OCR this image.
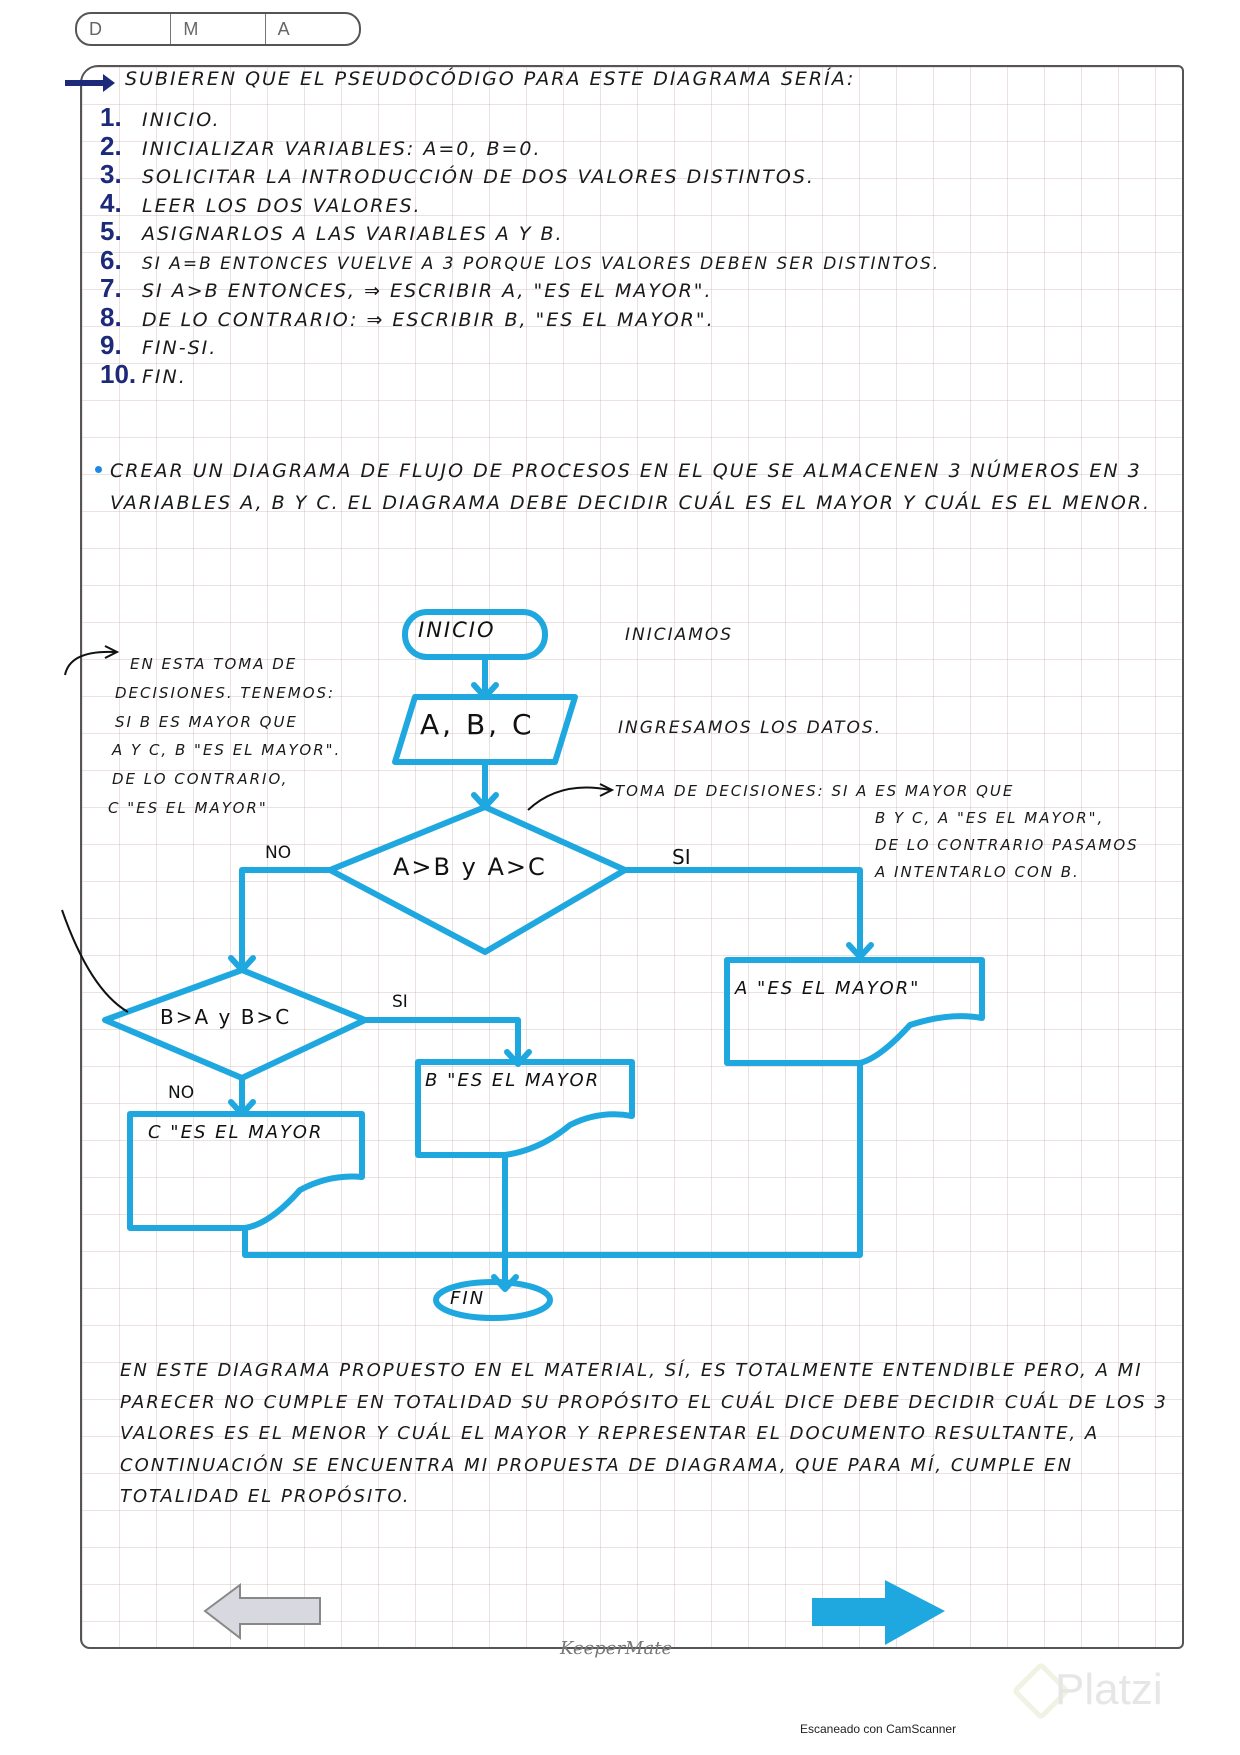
D	M	A
SUBIEREN QUE EL PSEUDOCÓDIGO PARA ESTE DIAGRAMA SERÍA:
1.	INICIO.
2.	INICIALIZAR VARIABLES: A=0, B=0.
3.	SOLICITAR LA INTRODUCCIÓN DE DOS VALORES DISTINTOS.
4.	LEER LOS DOS VALORES.
5.	ASIGNARLOS A LAS VARIABLES A Y B.
6.	SI A=B ENTONCES VUELVE A 3 PORQUE LOS VALORES DEBEN SER DISTINTOS.
7.	SI A>B ENTONCES, ⇒ ESCRIBIR A, "ES EL MAYOR".
8.	DE LO CONTRARIO: ⇒ ESCRIBIR B, "ES EL MAYOR".
9.	FIN-SI.
10. FIN.
CREAR UN DIAGRAMA DE FLUJO DE PROCESOS EN EL QUE SE ALMACENEN 3 NÚMEROS EN 3 VARIABLES A, B Y C. EL DIAGRAMA DEBE DECIDIR CUÁL ES EL MAYOR Y CUÁL ES EL MENOR.
INICIO
A, B, C
A>B y A>C
B>A y B>C
A "ES EL MAYOR"
B "ES EL MAYOR
C "ES EL MAYOR
FIN
NO	SI
SI
NO
INICIAMOS
INGRESAMOS LOS DATOS.
TOMA DE DECISIONES: SI A ES MAYOR QUE
B Y C, A "ES EL MAYOR",
DE LO CONTRARIO PASAMOS
A INTENTARLO CON B.
EN ESTA TOMA DE
DECISIONES. TENEMOS:
SI B ES MAYOR QUE
A Y C, B "ES EL MAYOR".
DE LO CONTRARIO,
C "ES EL MAYOR"
EN ESTE DIAGRAMA PROPUESTO EN EL MATERIAL, SÍ, ES TOTALMENTE ENTENDIBLE PERO, A MI PARECER NO CUMPLE EN TOTALIDAD SU PROPÓSITO EL CUÁL DICE DEBE DECIDIR CUÁL DE LOS 3 VALORES ES EL MENOR Y CUÁL EL MAYOR Y REPRESENTAR EL DOCUMENTO RESULTANTE, A CONTINUACIÓN SE ENCUENTRA MI PROPUESTA DE DIAGRAMA, QUE PARA MÍ, CUMPLE EN TOTALIDAD EL PROPÓSITO.
KeeperMate
Escaneado con CamScanner
Platzi
